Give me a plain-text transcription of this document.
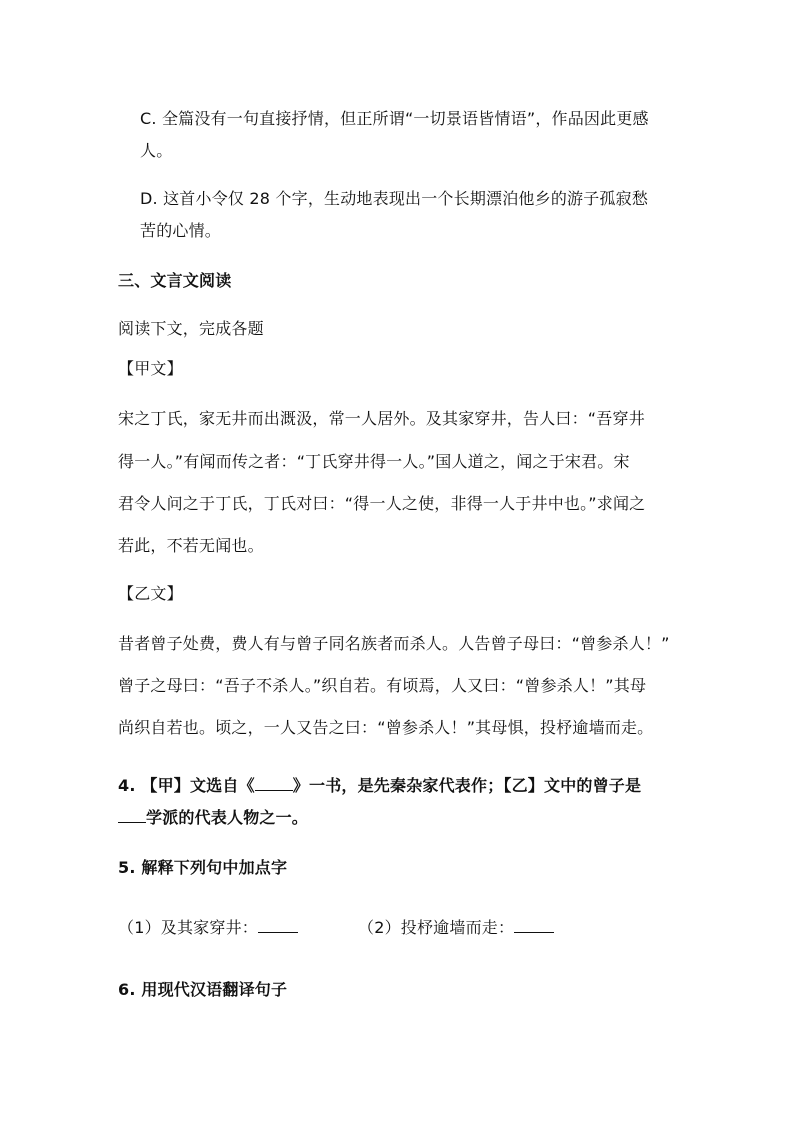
C. 全篇没有一句直接抒情，但正所谓“一切景语皆情语”，作品因此更感
人。
D. 这首小令仅 28 个字，生动地表现出一个长期漂泊他乡的游子孤寂愁
苦的心情。
三、文言文阅读
阅读下文，完成各题
【甲文】
宋之丁氏，家无井而出溉汲，常一人居外。及其家穿井，告人曰：“吾穿井
得一人。”有闻而传之者：“丁氏穿井得一人。”国人道之，闻之于宋君。宋
君令人问之于丁氏，丁氏对曰：“得一人之使，非得一人于井中也。”求闻之
若此，不若无闻也。
【乙文】
昔者曾子处费，费人有与曾子同名族者而杀人。人告曾子母曰：“曾参杀人！”
曾子之母曰：“吾子不杀人。”织自若。有顷焉，人又曰：“曾参杀人！”其母
尚织自若也。顷之，一人又告之曰：“曾参杀人！”其母惧，投杼逾墙而走。
4. 【甲】文选自《 》一书，是先秦杂家代表作；【乙】文中的曾子是
学派的代表人物之一。
5. 解释下列句中加点字
（1）及其家穿井：	（2）投杼逾墙而走：
6. 用现代汉语翻译句子
